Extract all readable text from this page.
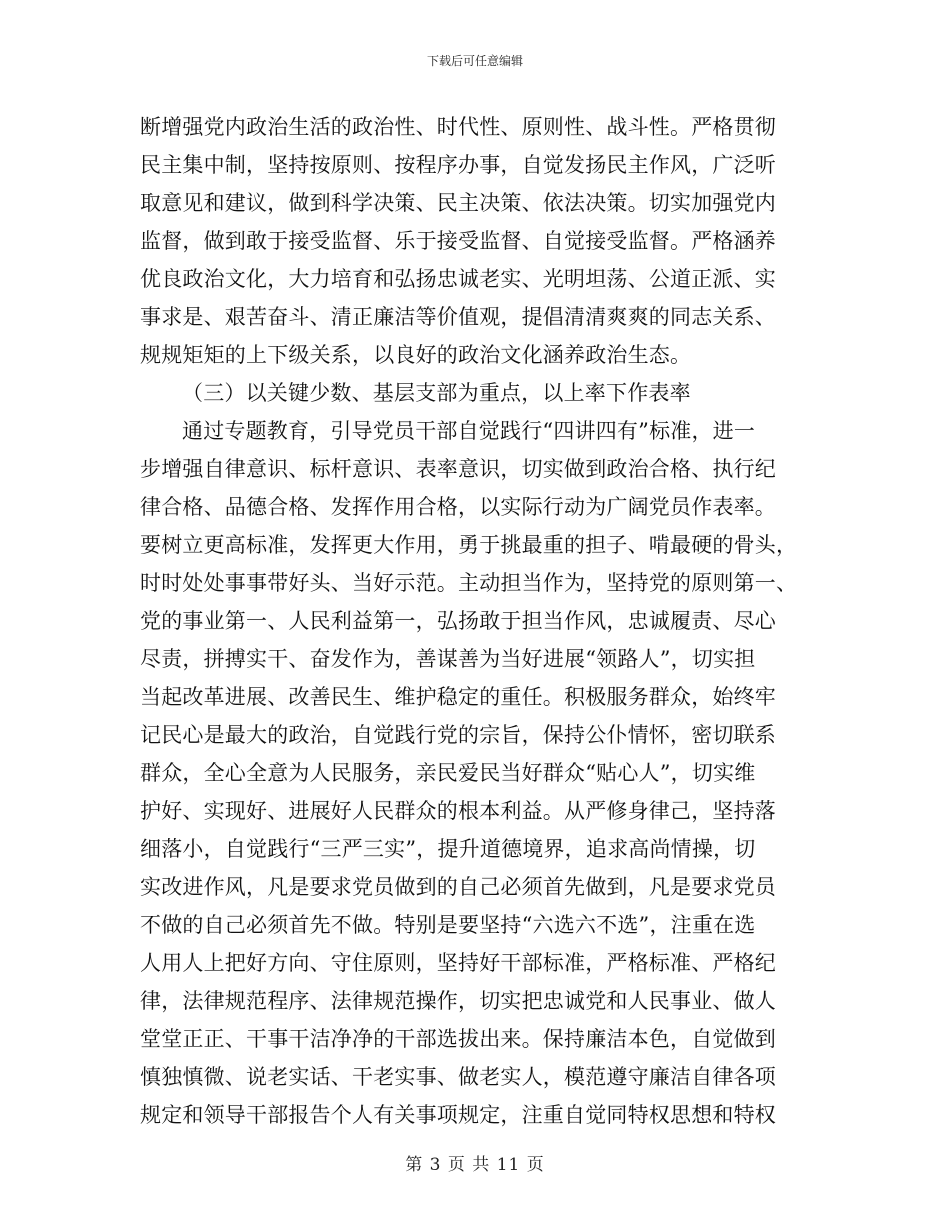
下载后可任意编辑
断增强党内政治生活的政治性、时代性、原则性、战斗性。严格贯彻
民主集中制，坚持按原则、按程序办事，自觉发扬民主作风，广泛听
取意见和建议，做到科学决策、民主决策、依法决策。切实加强党内
监督，做到敢于接受监督、乐于接受监督、自觉接受监督。严格涵养
优良政治文化，大力培育和弘扬忠诚老实、光明坦荡、公道正派、实
事求是、艰苦奋斗、清正廉洁等价值观，提倡清清爽爽的同志关系、
规规矩矩的上下级关系，以良好的政治文化涵养政治生态。
（三）以关键少数、基层支部为重点，以上率下作表率
通过专题教育，引导党员干部自觉践行“四讲四有”标准，进一
步增强自律意识、标杆意识、表率意识，切实做到政治合格、执行纪
律合格、品德合格、发挥作用合格，以实际行动为广阔党员作表率。
要树立更高标准，发挥更大作用，勇于挑最重的担子、啃最硬的骨头，
时时处处事事带好头、当好示范。主动担当作为，坚持党的原则第一、
党的事业第一、人民利益第一，弘扬敢于担当作风，忠诚履责、尽心
尽责，拼搏实干、奋发作为，善谋善为当好进展“领路人”，切实担
当起改革进展、改善民生、维护稳定的重任。积极服务群众，始终牢
记民心是最大的政治，自觉践行党的宗旨，保持公仆情怀，密切联系
群众，全心全意为人民服务，亲民爱民当好群众“贴心人”，切实维
护好、实现好、进展好人民群众的根本利益。从严修身律己，坚持落
细落小，自觉践行“三严三实”，提升道德境界，追求高尚情操，切
实改进作风，凡是要求党员做到的自己必须首先做到，凡是要求党员
不做的自己必须首先不做。特别是要坚持“六选六不选”，注重在选
人用人上把好方向、守住原则，坚持好干部标准，严格标准、严格纪
律，法律规范程序、法律规范操作，切实把忠诚党和人民事业、做人
堂堂正正、干事干洁净净的干部选拔出来。保持廉洁本色，自觉做到
慎独慎微、说老实话、干老实事、做老实人，模范遵守廉洁自律各项
规定和领导干部报告个人有关事项规定，注重自觉同特权思想和特权
第 3 页 共 11 页
